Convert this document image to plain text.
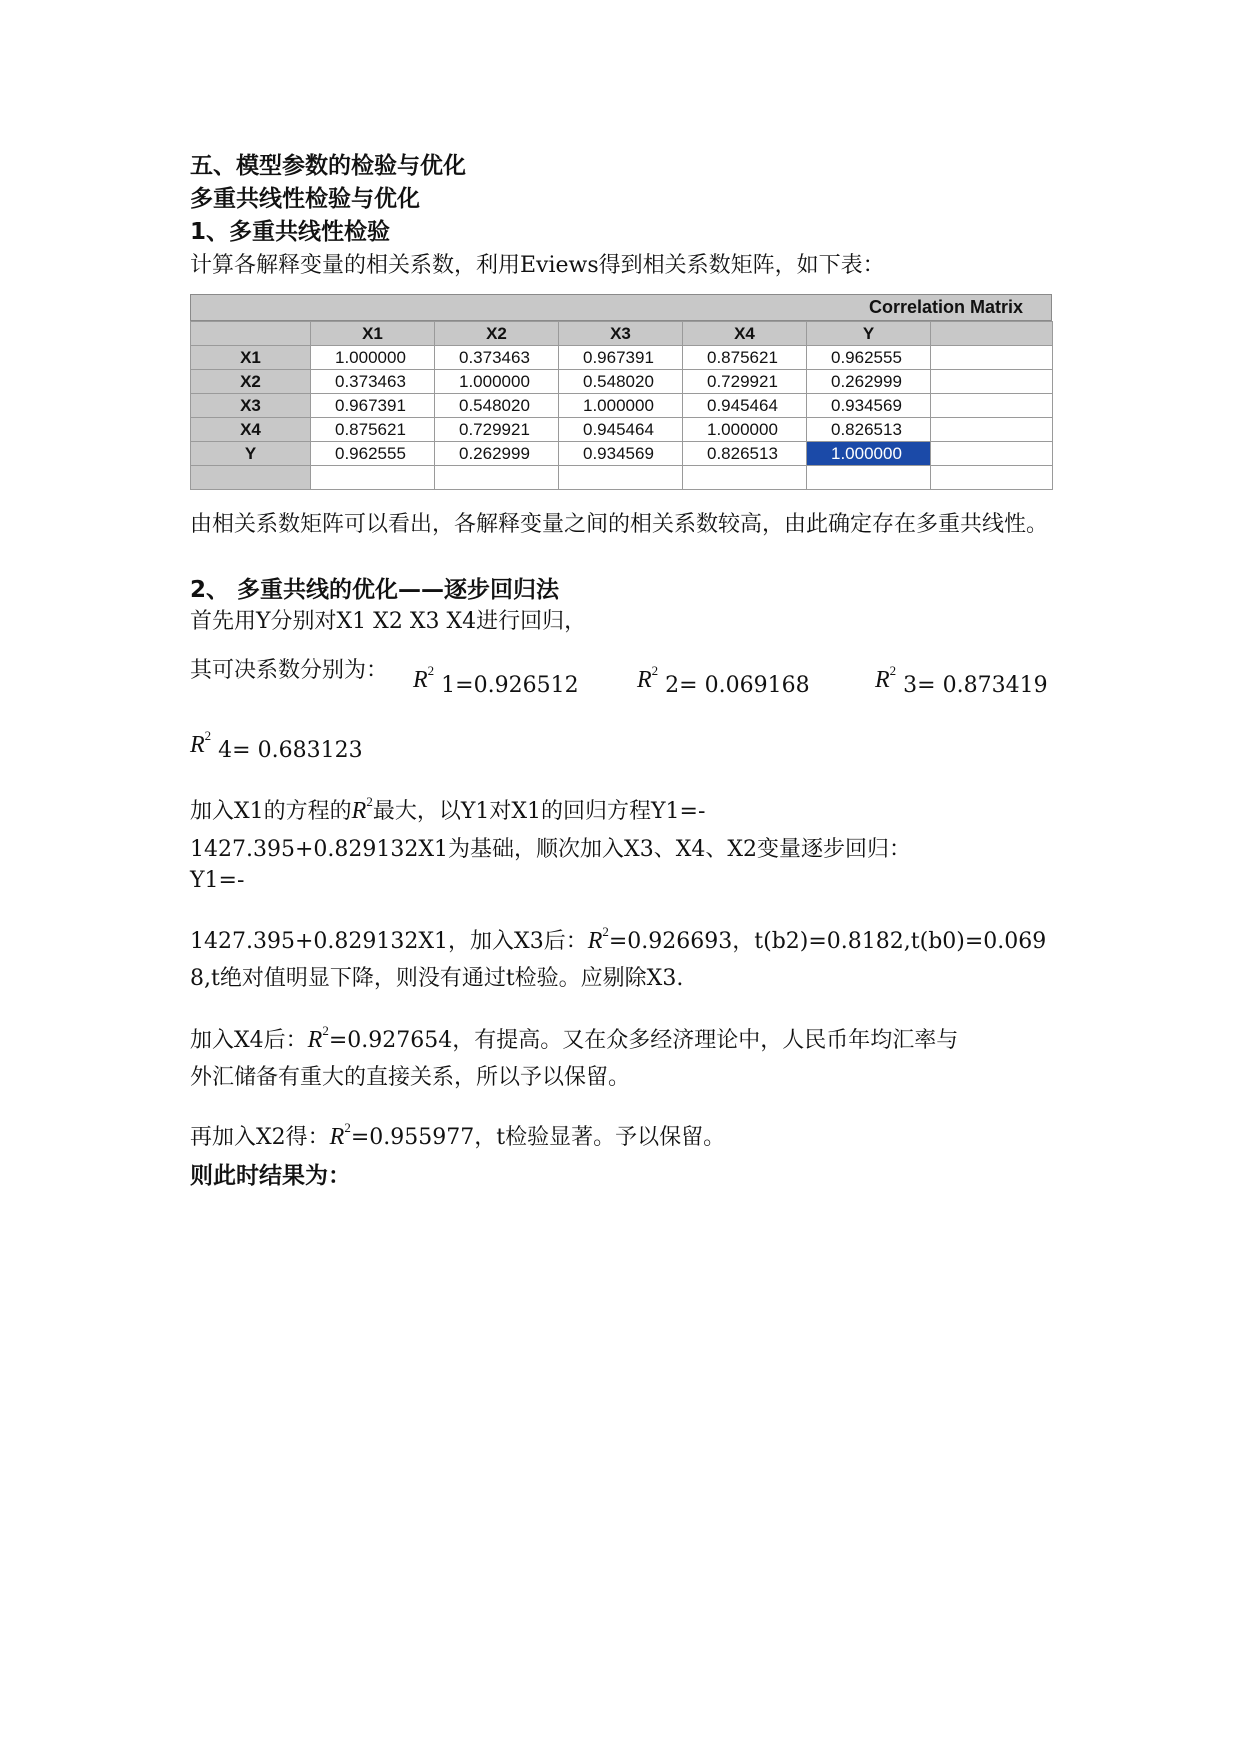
五、模型参数的检验与优化
多重共线性检验与优化
1、多重共线性检验
计算各解释变量的相关系数，利用Eviews得到相关系数矩阵，如下表：
Correlation Matrix
	X1	X2	X3	X4	Y	
X1	1.000000	0.373463	0.967391	0.875621	0.962555	
X2	0.373463	1.000000	0.548020	0.729921	0.262999	
X3	0.967391	0.548020	1.000000	0.945464	0.934569	
X4	0.875621	0.729921	0.945464	1.000000	0.826513	
Y	0.962555	0.262999	0.934569	0.826513	1.000000	

由相关系数矩阵可以看出，各解释变量之间的相关系数较高，由此确定存在多重共线性。
2、 多重共线的优化——逐步回归法
首先用Y分别对X1 X2 X3 X4进行回归，
其可决系数分别为： $R^2$ 1=0.926512 $R^2$ 2= 0.069168	$R^2$ 3= 0.873419
$R^2$ 4= 0.683123
加入X1的方程的$R^2$最大，以Y1对X1的回归方程Y1=-
1427.395+0.829132X1为基础，顺次加入X3、X4、X2变量逐步回归：
Y1=-
1427.395+0.829132X1，加入X3后：$R^2=0.926693$，t(b2)=0.8182,t(b0)=0.069
8,t绝对值明显下降，则没有通过t检验。应剔除X3.
加入X4后：$R^2=0.927654$，有提高。又在众多经济理论中，人民币年均汇率与
外汇储备有重大的直接关系，所以予以保留。
再加入X2得：$R^2=0.955977$，t检验显著。予以保留。
则此时结果为：
